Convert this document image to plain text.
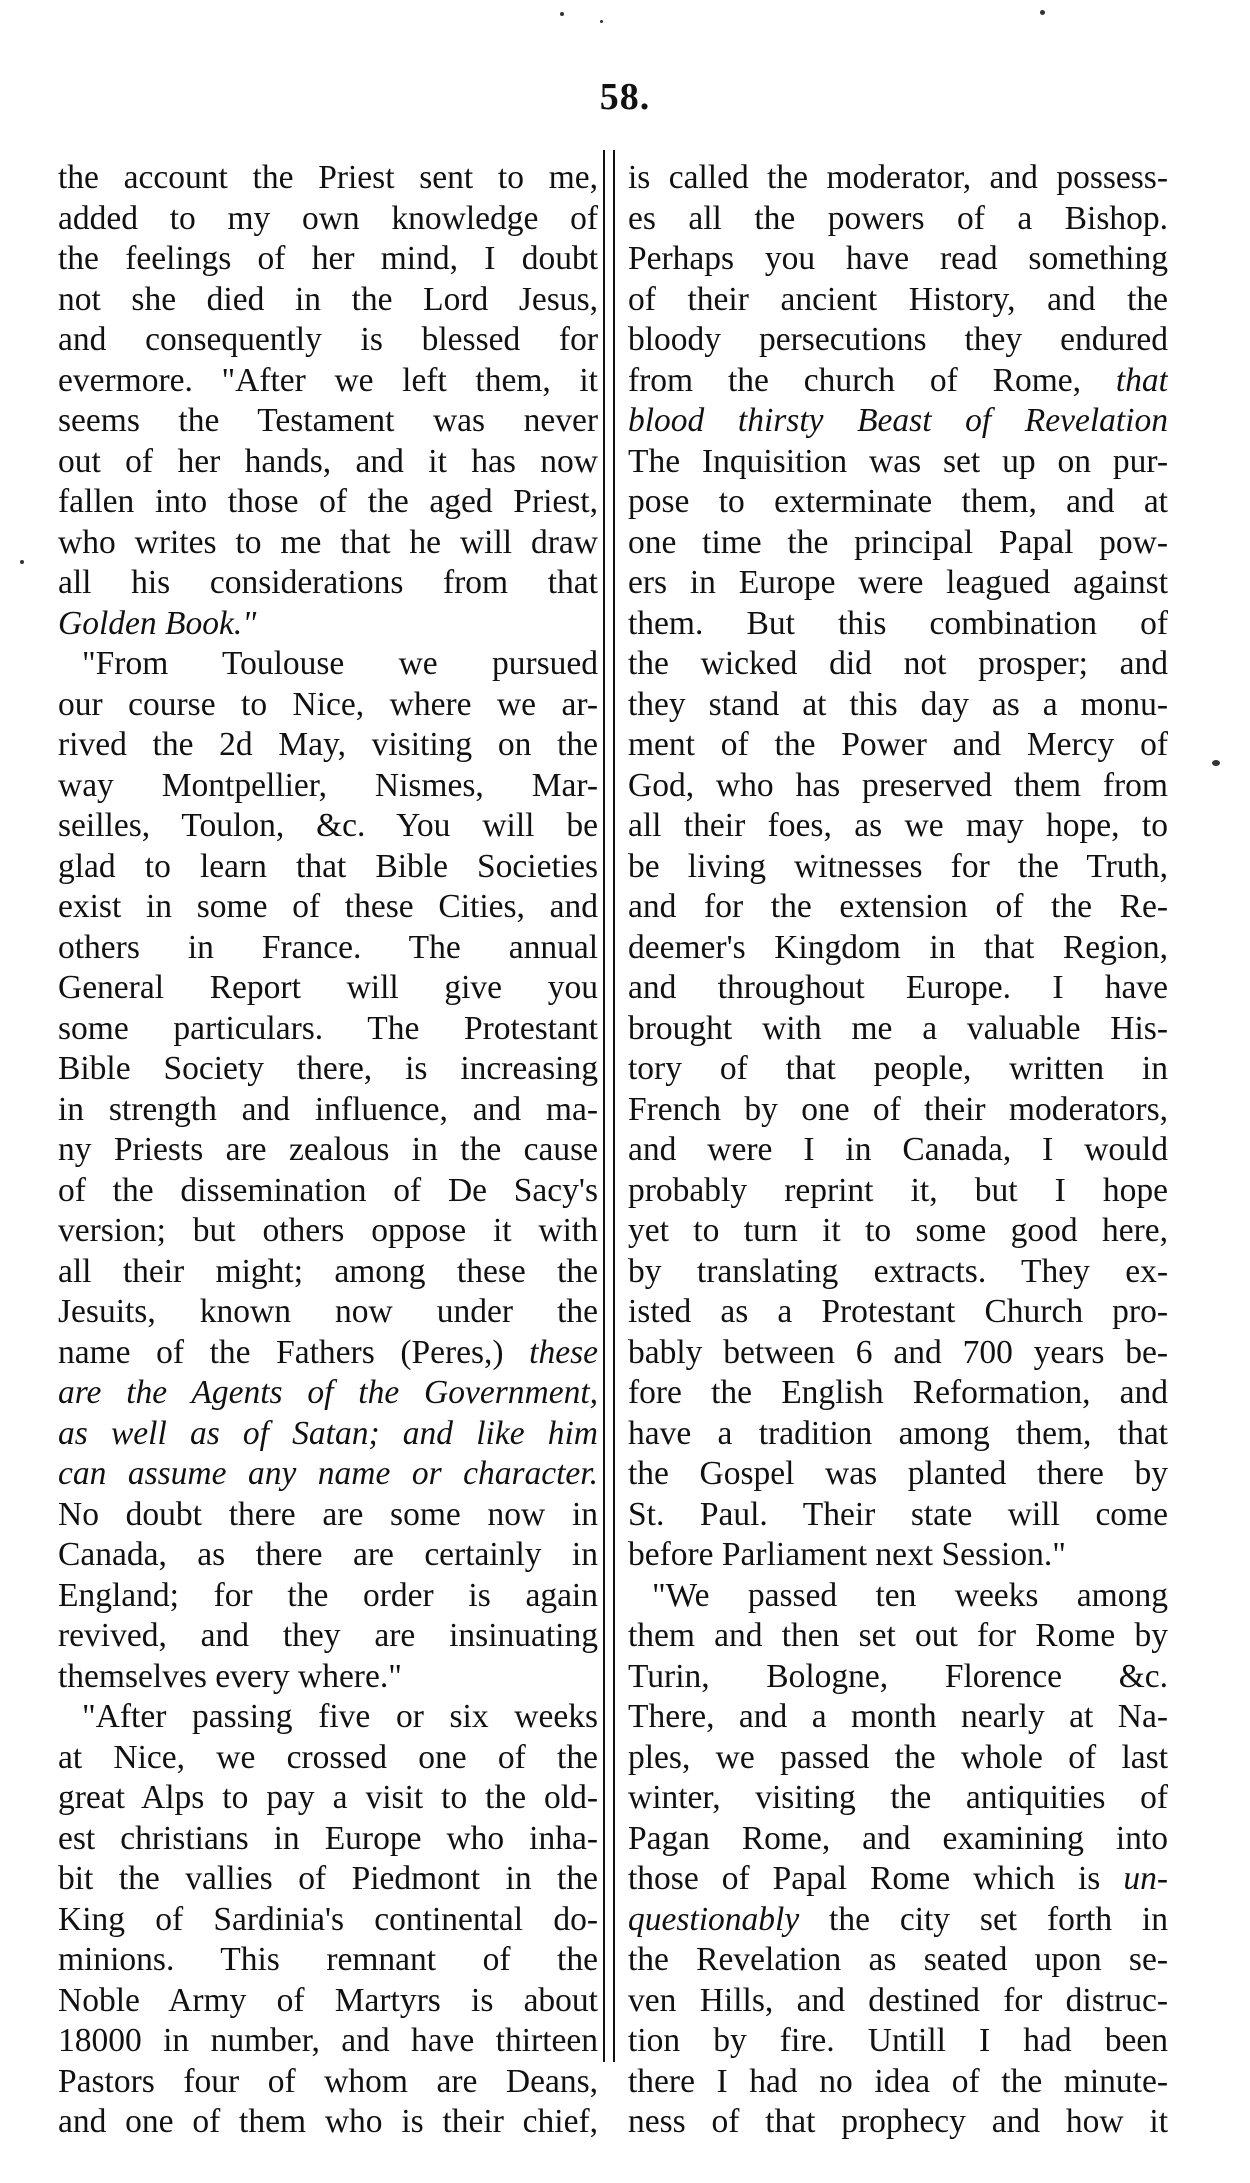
58.
the account the Priest sent to me,
added to my own knowledge of
the feelings of her mind, I doubt
not she died in the Lord Jesus,
and consequently is blessed for
evermore. "After we left them, it
seems the Testament was never
out of her hands, and it has now
fallen into those of the aged Priest,
who writes to me that he will draw
all his considerations from that
Golden Book."
"From Toulouse we pursued
our course to Nice, where we ar-
rived the 2d May, visiting on the
way Montpellier, Nismes, Mar-
seilles, Toulon, &c. You will be
glad to learn that Bible Societies
exist in some of these Cities, and
others in France. The annual
General Report will give you
some particulars. The Protestant
Bible Society there, is increasing
in strength and influence, and ma-
ny Priests are zealous in the cause
of the dissemination of De Sacy's
version; but others oppose it with
all their might; among these the
Jesuits, known now under the
name of the Fathers (Peres,) these
are the Agents of the Government,
as well as of Satan; and like him
can assume any name or character.
No doubt there are some now in
Canada, as there are certainly in
England; for the order is again
revived, and they are insinuating
themselves every where."
"After passing five or six weeks
at Nice, we crossed one of the
great Alps to pay a visit to the old-
est christians in Europe who inha-
bit the vallies of Piedmont in the
King of Sardinia's continental do-
minions. This remnant of the
Noble Army of Martyrs is about
18000 in number, and have thirteen
Pastors four of whom are Deans,
and one of them who is their chief,
is called the moderator, and possess-
es all the powers of a Bishop.
Perhaps you have read something
of their ancient History, and the
bloody persecutions they endured
from the church of Rome, that
blood thirsty Beast of Revelation
The Inquisition was set up on pur-
pose to exterminate them, and at
one time the principal Papal pow-
ers in Europe were leagued against
them. But this combination of
the wicked did not prosper; and
they stand at this day as a monu-
ment of the Power and Mercy of
God, who has preserved them from
all their foes, as we may hope, to
be living witnesses for the Truth,
and for the extension of the Re-
deemer's Kingdom in that Region,
and throughout Europe. I have
brought with me a valuable His-
tory of that people, written in
French by one of their moderators,
and were I in Canada, I would
probably reprint it, but I hope
yet to turn it to some good here,
by translating extracts. They ex-
isted as a Protestant Church pro-
bably between 6 and 700 years be-
fore the English Reformation, and
have a tradition among them, that
the Gospel was planted there by
St. Paul. Their state will come
before Parliament next Session."
"We passed ten weeks among
them and then set out for Rome by
Turin, Bologne, Florence &c.
There, and a month nearly at Na-
ples, we passed the whole of last
winter, visiting the antiquities of
Pagan Rome, and examining into
those of Papal Rome which is un-
questionably the city set forth in
the Revelation as seated upon se-
ven Hills, and destined for distruc-
tion by fire. Untill I had been
there I had no idea of the minute-
ness of that prophecy and how it
